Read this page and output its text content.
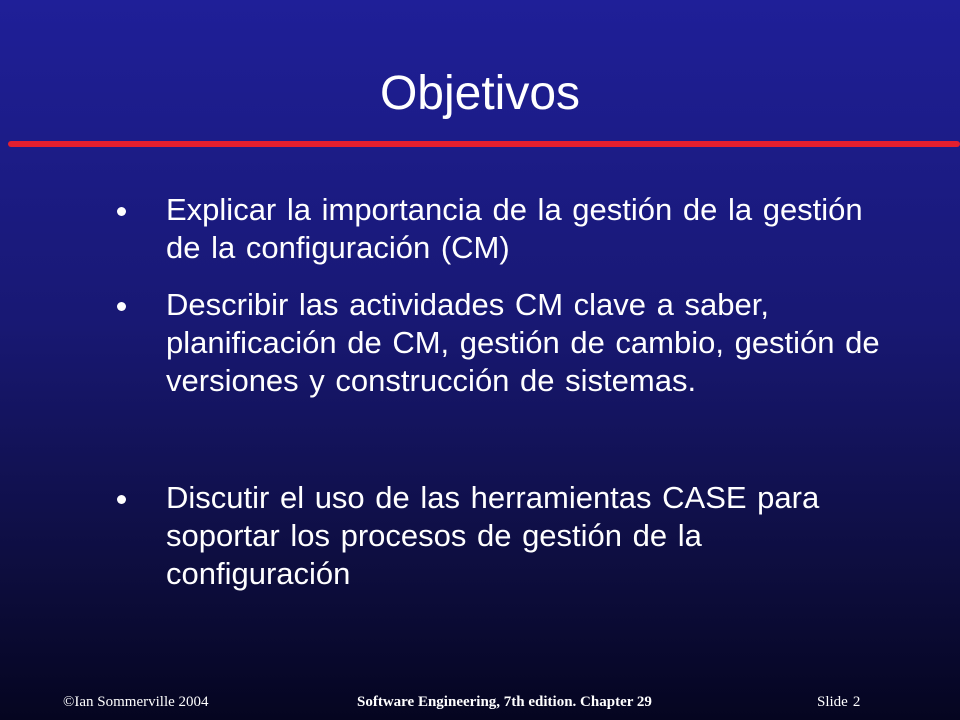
Objetivos
Explicar la importancia de la gestión de la gestión de la configuración (CM)
Describir las actividades CM clave a saber, planificación de CM, gestión de cambio, gestión de versiones y construcción de sistemas.
Discutir el uso de las herramientas CASE para soportar los procesos de gestión de la configuración
©Ian Sommerville 2004	Software Engineering, 7th edition. Chapter 29	Slide 2
